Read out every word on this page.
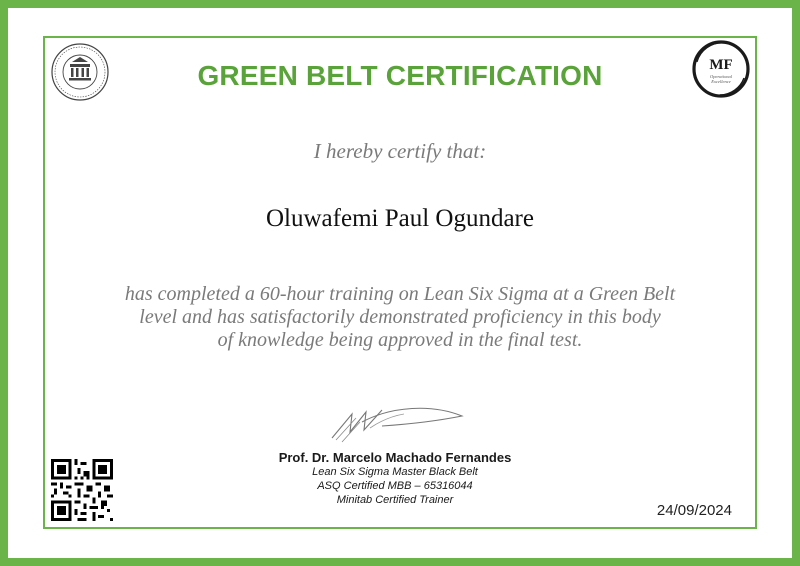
MF
Operational
Excellence
GREEN BELT CERTIFICATION
I hereby certify that:
Oluwafemi Paul Ogundare
has completed a 60-hour training on Lean Six Sigma at a Green Belt
level and has satisfactorily demonstrated proficiency in this body
of knowledge being approved in the final test.
Prof. Dr. Marcelo Machado Fernandes
Lean Six Sigma Master Black Belt
ASQ Certified MBB – 65316044
Minitab Certified Trainer
24/09/2024
